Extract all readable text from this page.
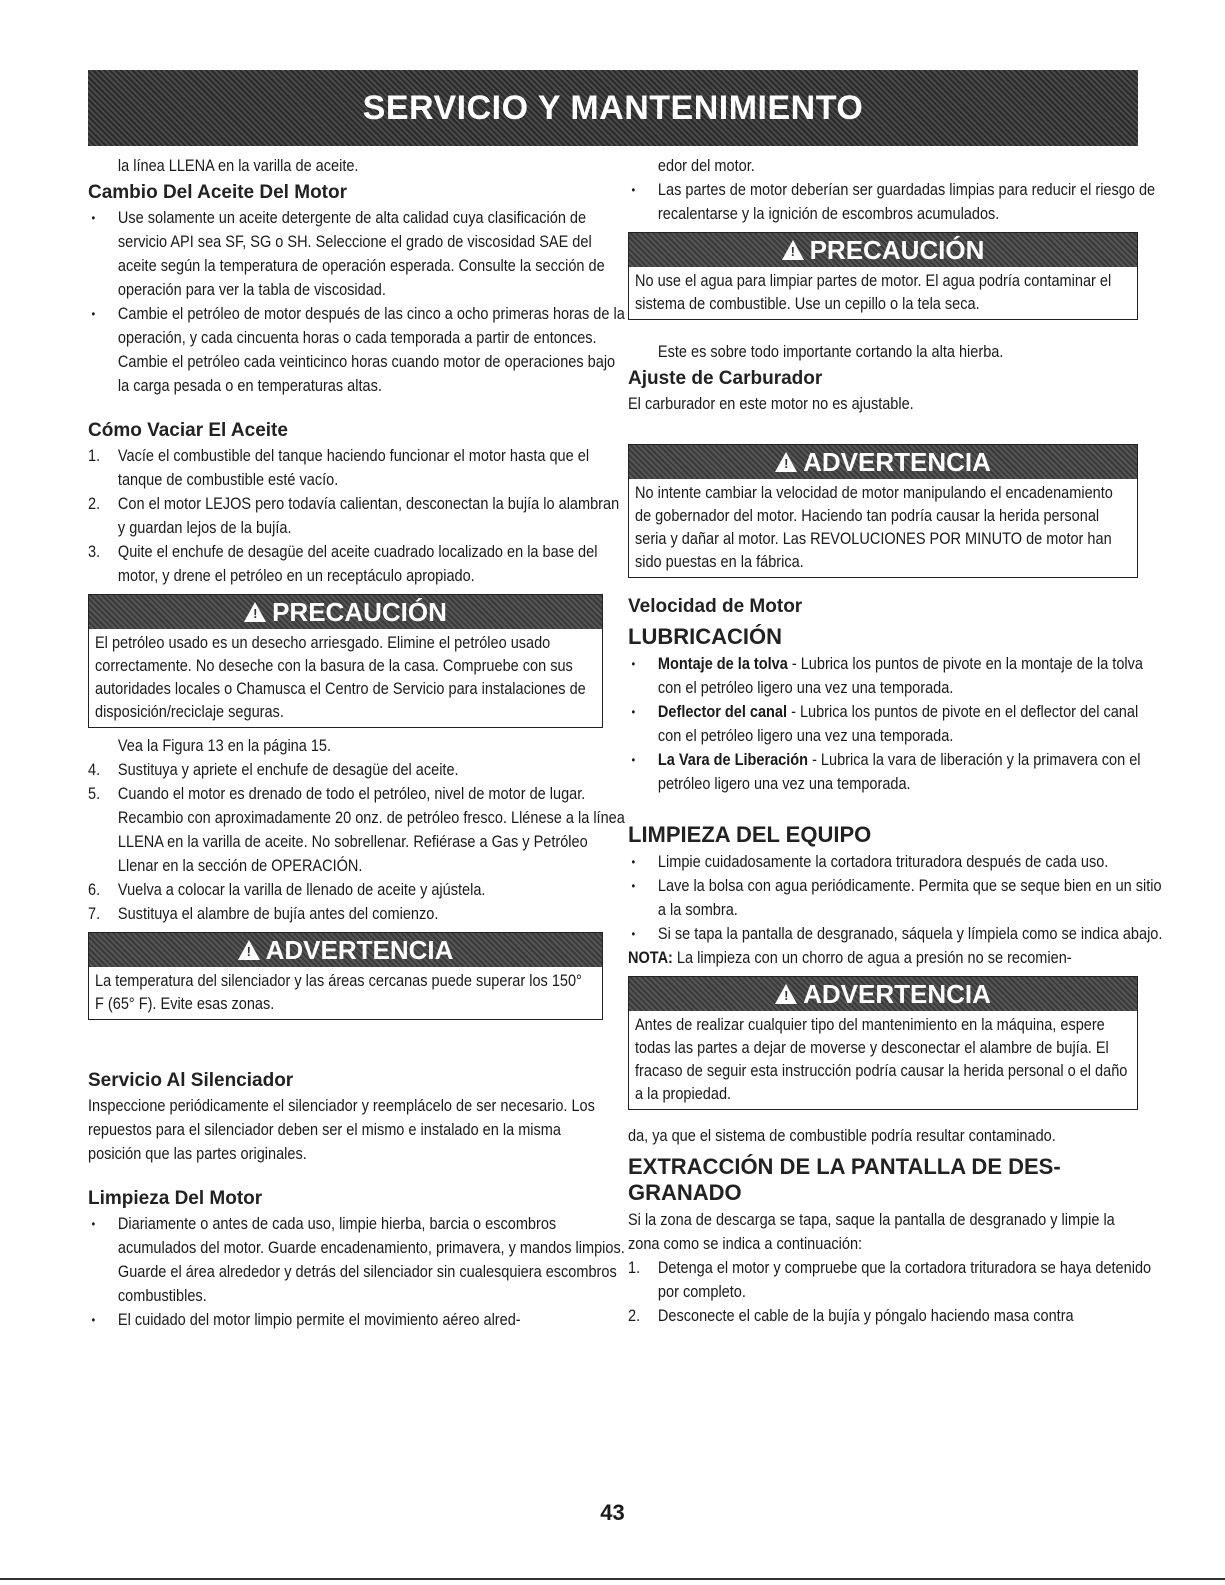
SERVICIO Y MANTENIMIENTO

la línea LLENA en la varilla de aceite.

Cambio Del Aceite Del Motor
• Use solamente un aceite detergente de alta calidad cuya clasificación de servicio API sea SF, SG o SH. Seleccione el grado de viscosidad SAE del aceite según la temperatura de operación esperada. Consulte la sección de operación para ver la tabla de viscosidad.
• Cambie el petróleo de motor después de las cinco a ocho primeras horas de la operación, y cada cincuenta horas o cada temporada a partir de entonces. Cambie el petróleo cada veinticinco horas cuando motor de operaciones bajo la carga pesada o en temperaturas altas.
Cómo Vaciar El Aceite
1. Vacíe el combustible del tanque haciendo funcionar el motor hasta que el tanque de combustible esté vacío.
2. Con el motor LEJOS pero todavía calientan, desconectan la bujía lo alambran y guardan lejos de la bujía.
3. Quite el enchufe de desagüe del aceite cuadrado localizado en la base del motor, y drene el petróleo en un receptáculo apropiado.
!
PRECAUCIÓN

El petróleo usado es un desecho arriesgado. Elimine el petróleo usado correctamente. No deseche con la basura de la casa. Compruebe con sus autoridades locales o Chamusca el Centro de Servicio para instalaciones de disposición/reciclaje seguras.

Vea la Figura 13 en la página 15.

4. Sustituya y apriete el enchufe de desagüe del aceite.
5. Cuando el motor es drenado de todo el petróleo, nivel de motor de lugar. Recambio con aproximadamente 20 onz. de petróleo fresco. Llénese a la línea LLENA en la varilla de aceite. No sobrellenar. Refiérase a Gas y Petróleo Llenar en la sección de OPERACIÓN.
6. Vuelva a colocar la varilla de llenado de aceite y ajústela.
7. Sustituya el alambre de bujía antes del comienzo.
!
ADVERTENCIA

La temperatura del silenciador y las áreas cercanas puede superar los 150° F (65° F). Evite esas zonas.

Servicio Al Silenciador

Inspeccione periódicamente el silenciador y reemplácelo de ser necesario. Los repuestos para el silenciador deben ser el mismo e instalado en la misma posición que las partes originales.

Limpieza Del Motor
• Diariamente o antes de cada uso, limpie hierba, barcia o escombros acumulados del motor. Guarde encadenamiento, primavera, y mandos limpios. Guarde el área alrededor y detrás del silenciador sin cualesquiera escombros combustibles.
• El cuidado del motor limpio permite el movimiento aéreo alred-

edor del motor.

• Las partes de motor deberían ser guardadas limpias para reducir el riesgo de recalentarse y la ignición de escombros acumulados.
!
PRECAUCIÓN

No use el agua para limpiar partes de motor. El agua podría contaminar el sistema de combustible. Use un cepillo o la tela seca.

Este es sobre todo importante cortando la alta hierba.

Ajuste de Carburador

El carburador en este motor no es ajustable.

!
ADVERTENCIA

No intente cambiar la velocidad de motor manipulando el encadenamiento de gobernador del motor. Haciendo tan podría causar la herida personal seria y dañar al motor. Las REVOLUCIONES POR MINUTO de motor han sido puestas en la fábrica.

Velocidad de Motor
LUBRICACIÓN
• Montaje de la tolva - Lubrica los puntos de pivote en la montaje de la tolva con el petróleo ligero una vez una temporada.
• Deflector del canal - Lubrica los puntos de pivote en el deflector del canal con el petróleo ligero una vez una temporada.
• La Vara de Liberación - Lubrica la vara de liberación y la primavera con el petróleo ligero una vez una temporada.
LIMPIEZA DEL EQUIPO
• Limpie cuidadosamente la cortadora trituradora después de cada uso.
• Lave la bolsa con agua periódicamente. Permita que se seque bien en un sitio a la sombra.
• Si se tapa la pantalla de desgranado, sáquela y límpiela como se indica abajo.

NOTA: La limpieza con un chorro de agua a presión no se recomien-

!
ADVERTENCIA

Antes de realizar cualquier tipo del mantenimiento en la máquina, espere todas las partes a dejar de moverse y desconectar el alambre de bujía. El fracaso de seguir esta instrucción podría causar la herida personal o el daño a la propiedad.

da, ya que el sistema de combustible podría resultar contaminado.

EXTRACCIÓN DE LA PANTALLA DE DES-GRANADO

Si la zona de descarga se tapa, saque la pantalla de desgranado y limpie la zona como se indica a continuación:

1. Detenga el motor y compruebe que la cortadora trituradora se haya detenido por completo.
2. Desconecte el cable de la bujía y póngalo haciendo masa contra
43
